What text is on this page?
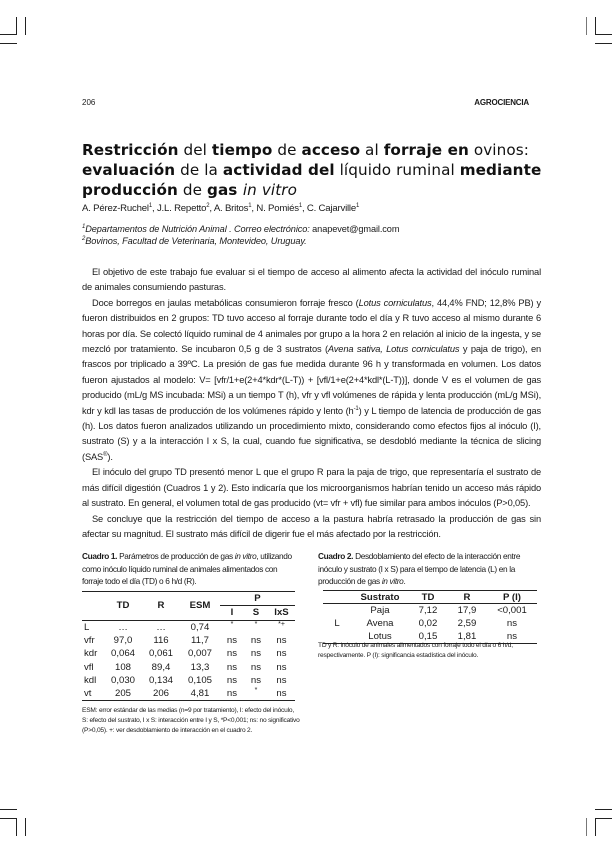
206	AGROCIENCIA
Restricción del tiempo de acceso al forraje en ovinos:
evaluación de la actividad del líquido ruminal mediante
producción de gas in vitro
A. Pérez-Ruchel$^1$, J.L. Repetto$^2$, A. Britos$^1$, N. Pomiés$^1$, C. Cajarville$^1$
$^1$Departamentos de Nutrición Animal . Correo electrónico: anapevet@gmail.com
$^2$Bovinos, Facultad de Veterinaria, Montevideo, Uruguay.

El objetivo de este trabajo fue evaluar si el tiempo de acceso al alimento afecta la actividad del inóculo ruminal de animales consumiendo pasturas.

Doce borregos en jaulas metabólicas consumieron forraje fresco (Lotus corniculatus, 44,4% FND; 12,8% PB) y fueron distribuidos en 2 grupos: TD tuvo acceso al forraje durante todo el día y R tuvo acceso al mismo durante 6 horas por día. Se colectó líquido ruminal de 4 animales por grupo a la hora 2 en relación al inicio de la ingesta, y se mezcló por tratamiento. Se incubaron 0,5 g de 3 sustratos (Avena sativa, Lotus corniculatus y paja de trigo), en frascos por triplicado a 39ºC. La presión de gas fue medida durante 96 h y transformada en volumen. Los datos fueron ajustados al modelo: V= [vfr/1+e(2+4*kdr*(L-T)) + [vfl/1+e(2+4*kdl*(L-T))], donde V es el volumen de gas producido (mL/g MS incubada: MSi) a un tiempo T (h), vfr y vfl volúmenes de rápida y lenta producción (mL/g MSi), kdr y kdl las tasas de producción de los volúmenes rápido y lento $(h^{-1})$ y L tiempo de latencia de producción de gas (h). Los datos fueron analizados utilizando un procedimiento mixto, considerando como efectos fijos al inóculo (I), sustrato (S) y a la interacción I x S, la cual, cuando fue significativa, se desdobló mediante la técnica de slicing (SAS®).

El inóculo del grupo TD presentó menor L que el grupo R para la paja de trigo, que representaría el sustrato de más difícil digestión (Cuadros 1 y 2). Esto indicaría que los microorganismos habrían tenido un acceso más rápido al sustrato. En general, el volumen total de gas producido (vt= vfr + vfl) fue similar para ambos inóculos (P>0,05).

Se concluye que la restricción del tiempo de acceso a la pastura habría retrasado la producción de gas sin afectar su magnitud. El sustrato más difícil de digerir fue el más afectado por la restricción.

Cuadro 1. Parámetros de producción de gas in vitro, utilizando como inóculo líquido ruminal de animales alimentados con forraje todo el día (TD) o 6 h/d (R).
	TD	R	ESM	P		
				I	S	IxS
L	…	…	0,74	*	*	*+
vfr	97,0	116	11,7	ns	ns	ns
kdr	0,064	0,061	0,007	ns	ns	ns
vfl	108	89,4	13,3	ns	ns	ns
kdl	0,030	0,134	0,105	ns	ns	ns
vt	205	206	4,81	ns	*	ns
ESM: error estándar de las medias (n=9 por tratamiento), I: efecto del inóculo, S: efecto del sustrato, I x S: interacción entre I y S, *P<0,001; ns: no significativo (P>0,05). +: ver desdoblamiento de interacción en el cuadro 2.
Cuadro 2. Desdoblamiento del efecto de la interacción entre inóculo y sustrato (I x S) para el tiempo de latencia (L) en la producción de gas in vitro.
	Sustrato	TD	R	P (I)
L	Paja	7,12	17,9	<0,001
	Avena	0,02	2,59	ns
	Lotus	0,15	1,81	ns
TD y R: inóculo de animales alimentados con forraje todo el día o 6 h/d, respectivamente. P (I): significancia estadística del inóculo.
